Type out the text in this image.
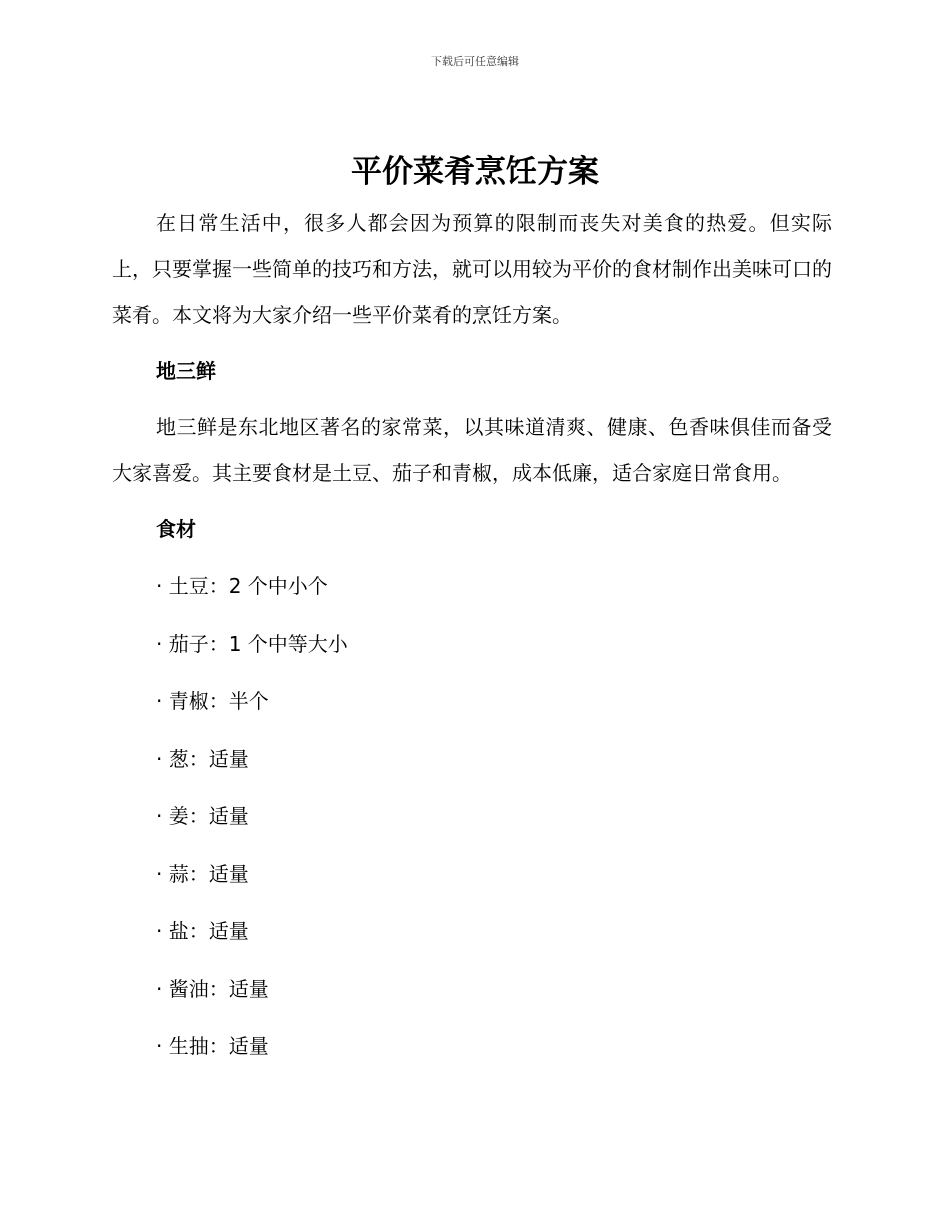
下载后可任意编辑
平价菜肴烹饪方案

在日常生活中，很多人都会因为预算的限制而丧失对美食的热爱。但实际上，只要掌握一些简单的技巧和方法，就可以用较为平价的食材制作出美味可口的菜肴。本文将为大家介绍一些平价菜肴的烹饪方案。

地三鲜

地三鲜是东北地区著名的家常菜，以其味道清爽、健康、色香味俱佳而备受大家喜爱。其主要食材是土豆、茄子和青椒，成本低廉，适合家庭日常食用。

食材
· 土豆：2 个中小个
· 茄子：1 个中等大小
· 青椒：半个
· 葱：适量
· 姜：适量
· 蒜：适量
· 盐：适量
· 酱油：适量
· 生抽：适量
